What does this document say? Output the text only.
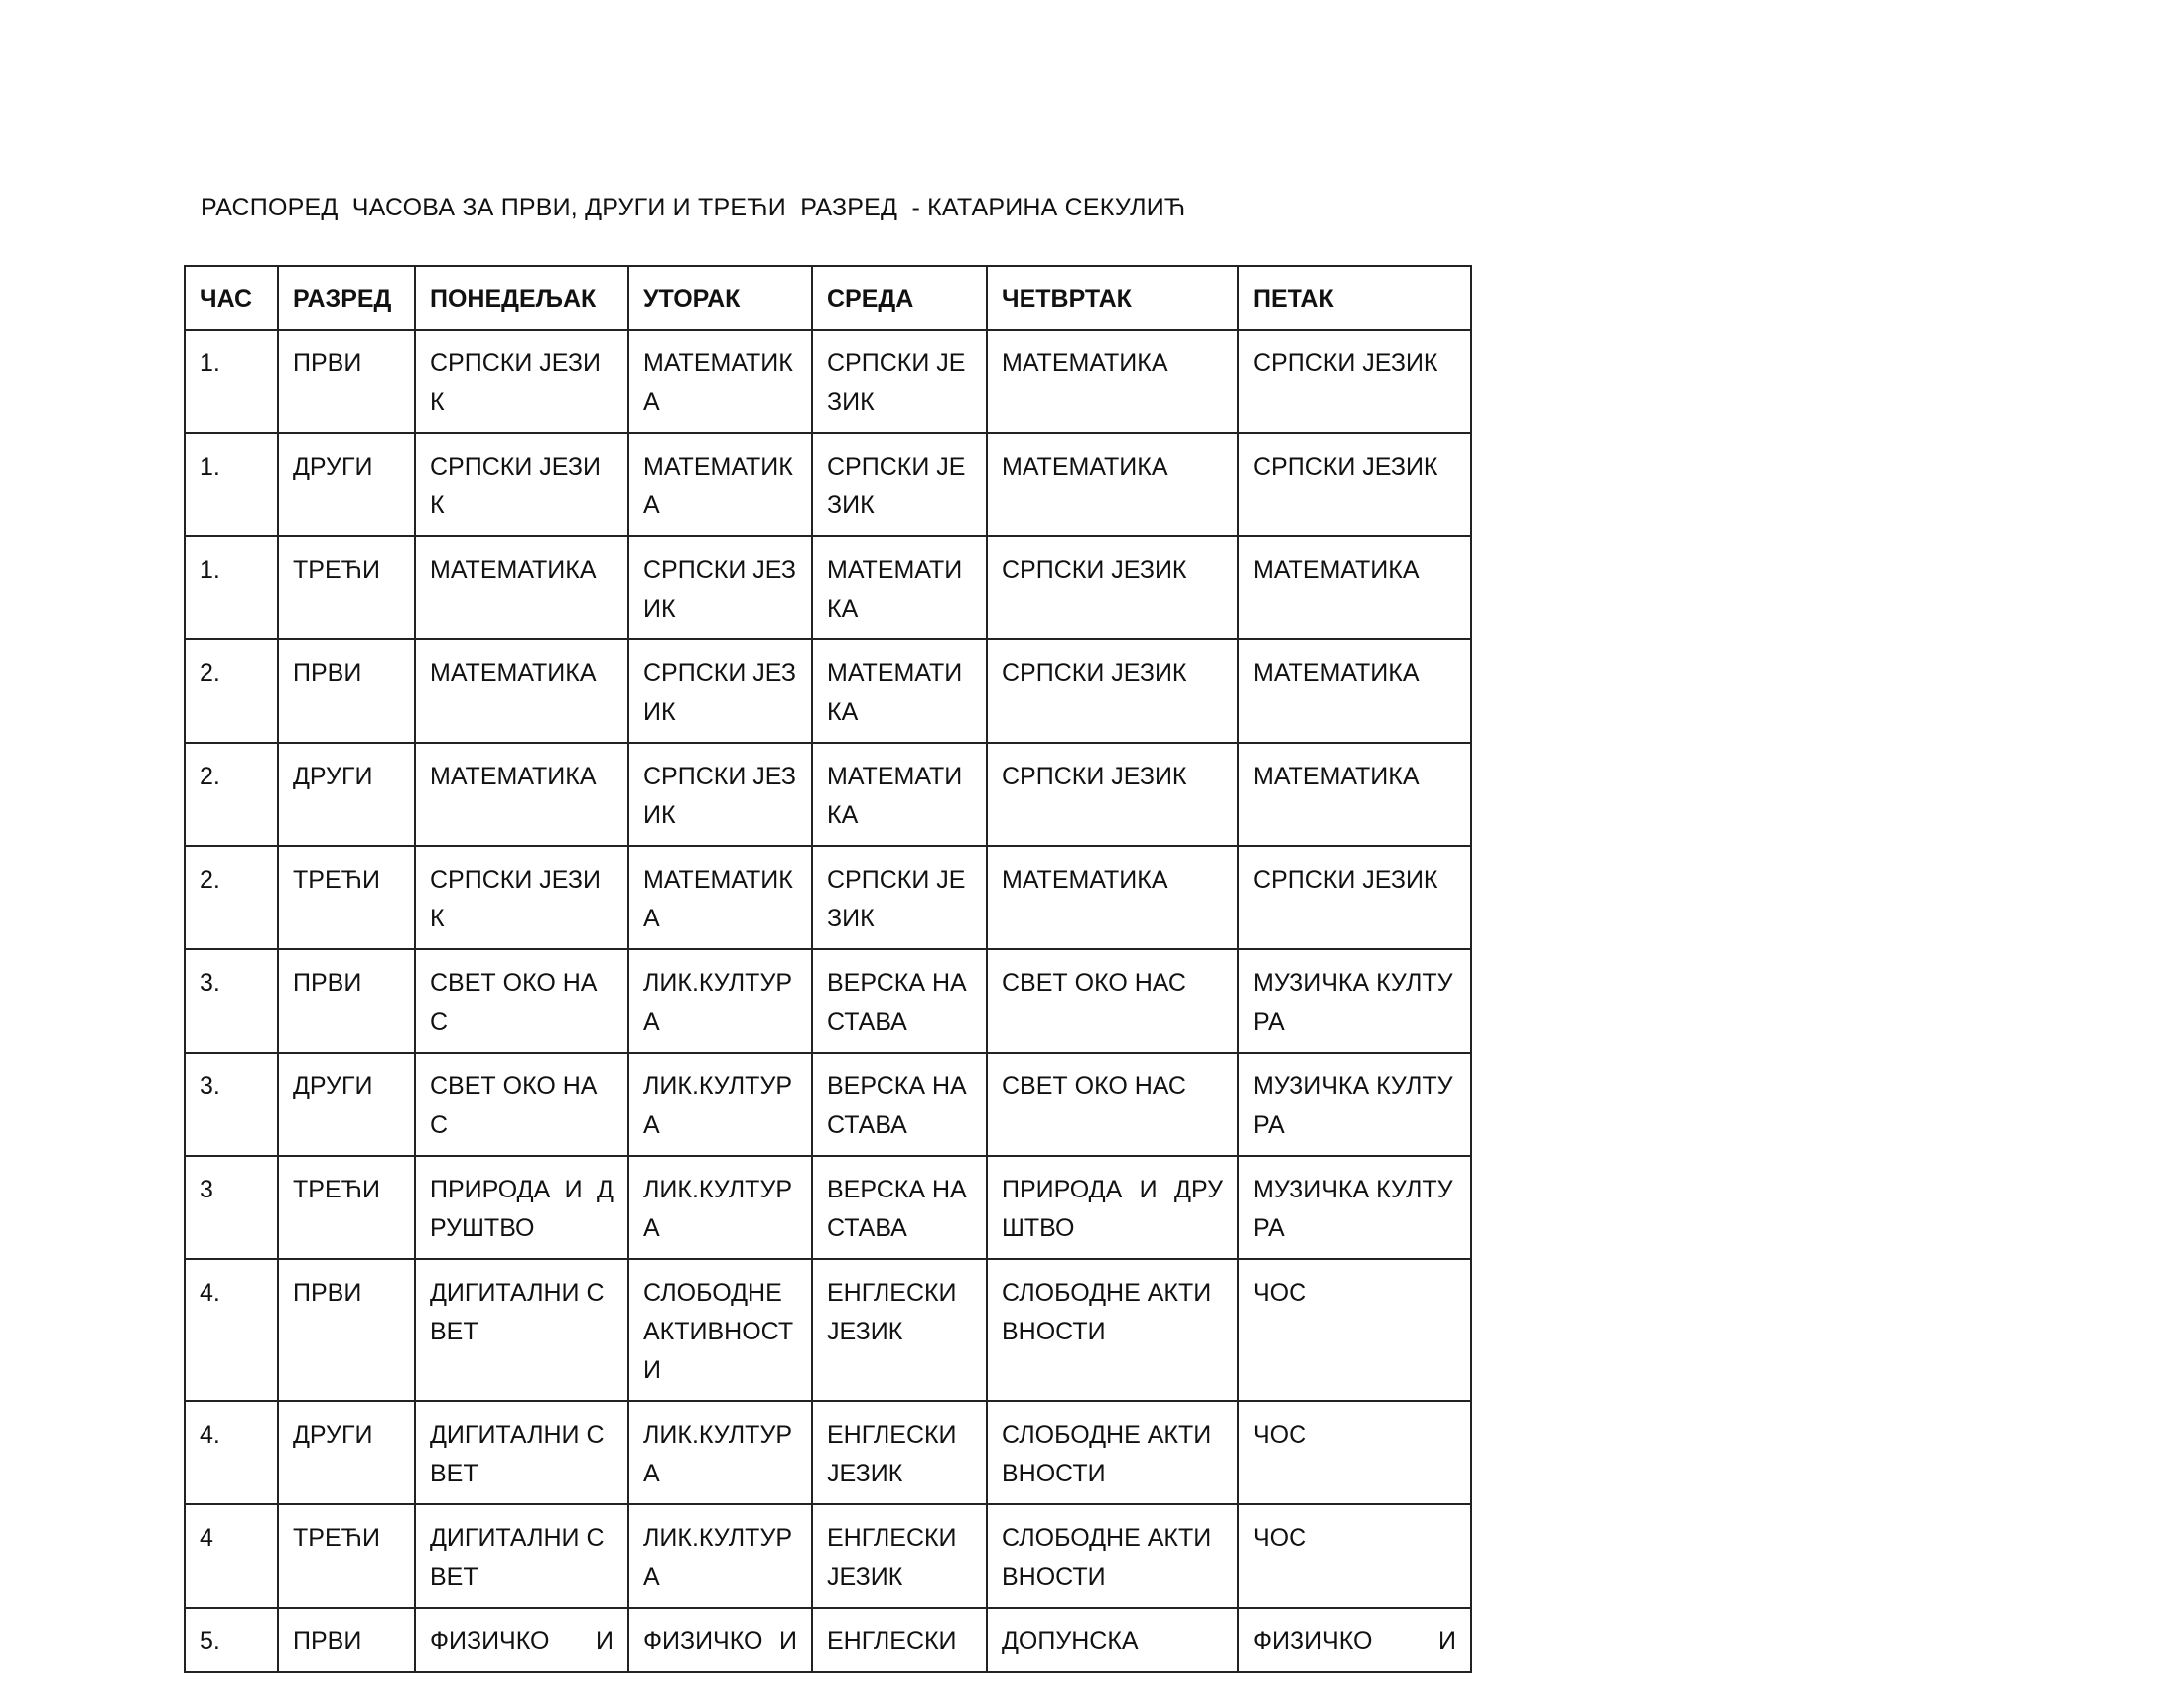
РАСПОРЕД  ЧАСОВА ЗА ПРВИ, ДРУГИ И ТРЕЋИ  РАЗРЕД  - КАТАРИНА СЕКУЛИЋ
ЧАС	РАЗРЕД	ПОНЕДЕЉАК	УТОРАК	СРЕДА	ЧЕТВРТАК	ПЕТАК
1.	ПРВИ	СРПСКИ ЈЕЗИК	МАТЕМАТИКА	СРПСКИ ЈЕЗИК	МАТЕМАТИКА	СРПСКИ ЈЕЗИК
1.	ДРУГИ	СРПСКИ ЈЕЗИК	МАТЕМАТИКА	СРПСКИ ЈЕЗИК	МАТЕМАТИКА	СРПСКИ ЈЕЗИК
1.	ТРЕЋИ	МАТЕМАТИКА	СРПСКИ ЈЕЗИК	МАТЕМАТИКА	СРПСКИ ЈЕЗИК	МАТЕМАТИКА
2.	ПРВИ	МАТЕМАТИКА	СРПСКИ ЈЕЗИК	МАТЕМАТИКА	СРПСКИ ЈЕЗИК	МАТЕМАТИКА
2.	ДРУГИ	МАТЕМАТИКА	СРПСКИ ЈЕЗИК	МАТЕМАТИКА	СРПСКИ ЈЕЗИК	МАТЕМАТИКА
2.	ТРЕЋИ	СРПСКИ ЈЕЗИК	МАТЕМАТИКА	СРПСКИ ЈЕЗИК	МАТЕМАТИКА	СРПСКИ ЈЕЗИК
3.	ПРВИ	СВЕТ ОКО НАС	ЛИК.КУЛТУРА	ВЕРСКА НАСТАВА	СВЕТ ОКО НАС	МУЗИЧКА КУЛТУРА
3.	ДРУГИ	СВЕТ ОКО НАС	ЛИК.КУЛТУРА	ВЕРСКА НАСТАВА	СВЕТ ОКО НАС	МУЗИЧКА КУЛТУРА
3	ТРЕЋИ	ПРИРОДА И ДРУШТВО	ЛИК.КУЛТУРА	ВЕРСКА НАСТАВА	ПРИРОДА И ДРУШТВО	МУЗИЧКА КУЛТУРА
4.	ПРВИ	ДИГИТАЛНИ СВЕТ	СЛОБОДНЕ АКТИВНОСТИ	ЕНГЛЕСКИ ЈЕЗИК	СЛОБОДНЕ АКТИВНОСТИ	ЧОС
4.	ДРУГИ	ДИГИТАЛНИ СВЕТ	ЛИК.КУЛТУРА	ЕНГЛЕСКИ ЈЕЗИК	СЛОБОДНЕ АКТИВНОСТИ	ЧОС
4	ТРЕЋИ	ДИГИТАЛНИ СВЕТ	ЛИК.КУЛТУРА	ЕНГЛЕСКИ ЈЕЗИК	СЛОБОДНЕ АКТИВНОСТИ	ЧОС
5.	ПРВИ	ФИЗИЧКО И	ФИЗИЧКО И	ЕНГЛЕСКИ	ДОПУНСКА	ФИЗИЧКО И
